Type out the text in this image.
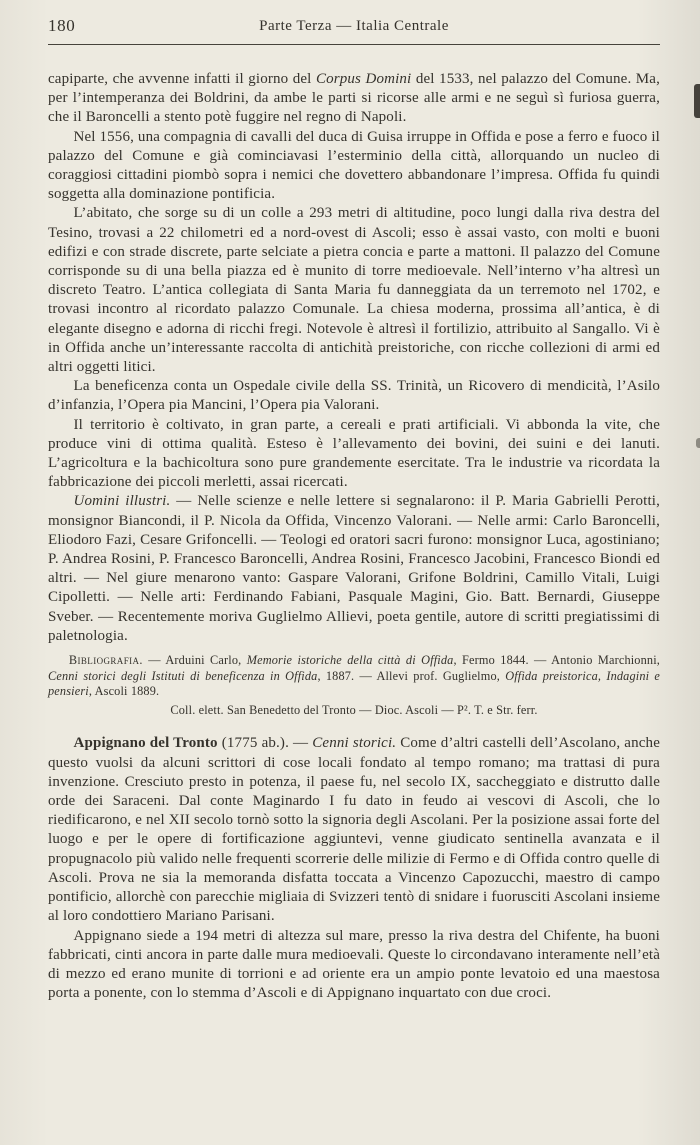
180	Parte Terza — Italia Centrale

capiparte, che avvenne infatti il giorno del Corpus Domini del 1533, nel palazzo del Comune. Ma, per l’intemperanza dei Boldrini, da ambe le parti si ricorse alle armi e ne seguì sì furiosa guerra, che il Baroncelli a stento potè fuggire nel regno di Napoli.

Nel 1556, una compagnia di cavalli del duca di Guisa irruppe in Offida e pose a ferro e fuoco il palazzo del Comune e già cominciavasi l’esterminio della città, allorquando un nucleo di coraggiosi cittadini piombò sopra i nemici che dovettero abbandonare l’impresa. Offida fu quindi soggetta alla dominazione pontificia.

L’abitato, che sorge su di un colle a 293 metri di altitudine, poco lungi dalla riva destra del Tesino, trovasi a 22 chilometri ed a nord-ovest di Ascoli; esso è assai vasto, con molti e buoni edifizi e con strade discrete, parte selciate a pietra concia e parte a mattoni. Il palazzo del Comune corrisponde su di una bella piazza ed è munito di torre medioevale. Nell’interno v’ha altresì un discreto Teatro. L’antica collegiata di Santa Maria fu danneggiata da un terremoto nel 1702, e trovasi incontro al ricordato palazzo Comunale. La chiesa moderna, prossima all’antica, è di elegante disegno e adorna di ricchi fregi. Notevole è altresì il fortilizio, attribuito al Sangallo. Vi è in Offida anche un’interessante raccolta di antichità preistoriche, con ricche collezioni di armi ed altri oggetti litici.

La beneficenza conta un Ospedale civile della SS. Trinità, un Ricovero di mendicità, l’Asilo d’infanzia, l’Opera pia Mancini, l’Opera pia Valorani.

Il territorio è coltivato, in gran parte, a cereali e prati artificiali. Vi abbonda la vite, che produce vini di ottima qualità. Esteso è l’allevamento dei bovini, dei suini e dei lanuti. L’agricoltura e la bachicoltura sono pure grandemente esercitate. Tra le industrie va ricordata la fabbricazione dei piccoli merletti, assai ricercati.

Uomini illustri. — Nelle scienze e nelle lettere si segnalarono: il P. Maria Gabrielli Perotti, monsignor Biancondi, il P. Nicola da Offida, Vincenzo Valorani. — Nelle armi: Carlo Baroncelli, Eliodoro Fazi, Cesare Grifoncelli. — Teologi ed oratori sacri furono: monsignor Luca, agostiniano; P. Andrea Rosini, P. Francesco Baroncelli, Andrea Rosini, Francesco Jacobini, Francesco Biondi ed altri. — Nel giure menarono vanto: Gaspare Valorani, Grifone Boldrini, Camillo Vitali, Luigi Cipolletti. — Nelle arti: Ferdinando Fabiani, Pasquale Magini, Gio. Batt. Bernardi, Giuseppe Sveber. — Recentemente moriva Guglielmo Allievi, poeta gentile, autore di scritti pregiatissimi di paletnologia.

Bibliografia. — Arduini Carlo, Memorie istoriche della città di Offida, Fermo 1844. — Antonio Marchionni, Cenni storici degli Istituti di beneficenza in Offida, 1887. — Allevi prof. Guglielmo, Offida preistorica, Indagini e pensieri, Ascoli 1889.

Coll. elett. San Benedetto del Tronto — Dioc. Ascoli — P². T. e Str. ferr.

Appignano del Tronto (1775 ab.). — Cenni storici. Come d’altri castelli dell’Ascolano, anche questo vuolsi da alcuni scrittori di cose locali fondato al tempo romano; ma trattasi di pura invenzione. Cresciuto presto in potenza, il paese fu, nel secolo IX, saccheggiato e distrutto dalle orde dei Saraceni. Dal conte Maginardo I fu dato in feudo ai vescovi di Ascoli, che lo riedificarono, e nel XII secolo tornò sotto la signoria degli Ascolani. Per la posizione assai forte del luogo e per le opere di fortificazione aggiuntevi, venne giudicato sentinella avanzata e il propugnacolo più valido nelle frequenti scorrerie delle milizie di Fermo e di Offida contro quelle di Ascoli. Prova ne sia la memoranda disfatta toccata a Vincenzo Capozucchi, maestro di campo pontificio, allorchè con parecchie migliaia di Svizzeri tentò di snidare i fuorusciti Ascolani insieme al loro condottiero Mariano Parisani.

Appignano siede a 194 metri di altezza sul mare, presso la riva destra del Chifente, ha buoni fabbricati, cinti ancora in parte dalle mura medioevali. Queste lo circondavano interamente nell’età di mezzo ed erano munite di torrioni e ad oriente era un ampio ponte levatoio ed una maestosa porta a ponente, con lo stemma d’Ascoli e di Appignano inquartato con due croci.
